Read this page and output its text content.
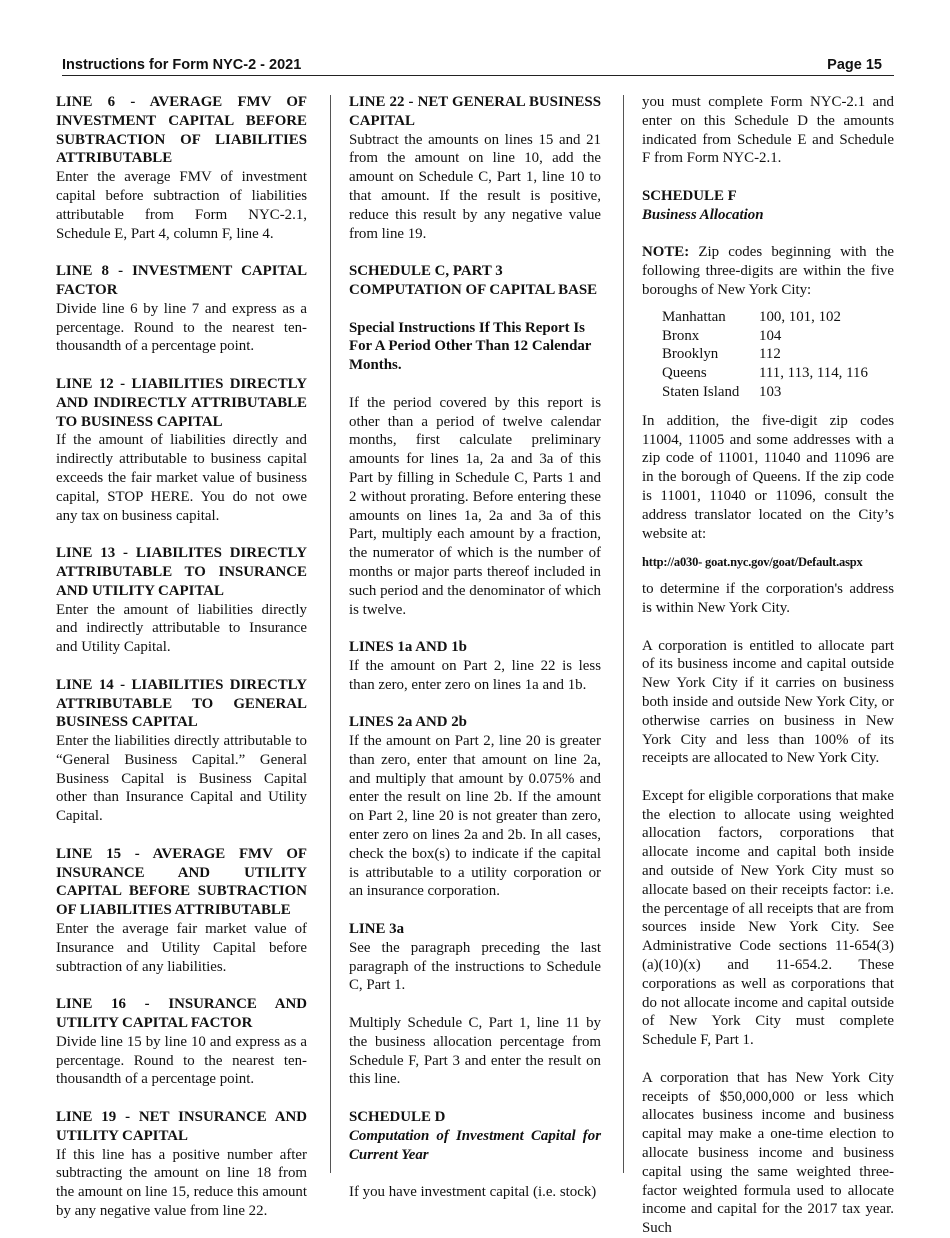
Instructions for Form NYC-2 - 2021	Page 15

LINE 6 - AVERAGE FMV OF INVESTMENT CAPITAL BEFORE SUBTRACTION OF LIABILITIES ATTRIBUTABLE

Enter the average FMV of investment capital before subtraction of liabilities attributable from Form NYC-2.1, Schedule E, Part 4, column F, line 4.

LINE 8 - INVESTMENT CAPITAL FACTOR

Divide line 6 by line 7 and express as a percentage. Round to the nearest ten-thousandth of a percentage point.

LINE 12 - LIABILITIES DIRECTLY AND INDIRECTLY ATTRIBUTABLE TO BUSINESS CAPITAL

If the amount of liabilities directly and indirectly attributable to business capital exceeds the fair market value of business capital, STOP HERE. You do not owe any tax on business capital.

LINE 13 - LIABILITES DIRECTLY ATTRIBUTABLE TO INSURANCE AND UTILITY CAPITAL

Enter the amount of liabilities directly and indirectly attributable to Insurance and Utility Capital.

LINE 14 - LIABILITIES DIRECTLY ATTRIBUTABLE TO GENERAL BUSINESS CAPITAL

Enter the liabilities directly attributable to “General Business Capital.” General Business Capital is Business Capital other than Insurance Capital and Utility Capital.

LINE 15 - AVERAGE FMV OF INSURANCE AND UTILITY CAPITAL BEFORE SUBTRACTION OF LIABILITIES ATTRIBUTABLE

Enter the average fair market value of Insurance and Utility Capital before subtraction of any liabilities.

LINE 16 - INSURANCE AND UTILITY CAPITAL FACTOR

Divide line 15 by line 10 and express as a percentage. Round to the nearest ten-thousandth of a percentage point.

LINE 19 - NET INSURANCE AND UTILITY CAPITAL

If this line has a positive number after subtracting the amount on line 18 from the amount on line 15, reduce this amount by any negative value from line 22.

LINE 22 - NET GENERAL BUSINESS CAPITAL

Subtract the amounts on lines 15 and 21 from the amount on line 10, add the amount on Schedule C, Part 1, line 10 to that amount. If the result is positive, reduce this result by any negative value from line 19.

SCHEDULE C, PART 3 COMPUTATION OF CAPITAL BASE

Special Instructions If This Report Is For A Period Other Than 12 Calendar Months.

If the period covered by this report is other than a period of twelve calendar months, first calculate preliminary amounts for lines 1a, 2a and 3a of this Part by filling in Schedule C, Parts 1 and 2 without prorating. Before entering these amounts on lines 1a, 2a and 3a of this Part, multiply each amount by a fraction, the numerator of which is the number of months or major parts thereof included in such period and the denominator of which is twelve.

LINES 1a AND 1b

If the amount on Part 2, line 22 is less than zero, enter zero on lines 1a and 1b.

LINES 2a AND 2b

If the amount on Part 2, line 20 is greater than zero, enter that amount on line 2a, and multiply that amount by 0.075% and enter the result on line 2b. If the amount on Part 2, line 20 is not greater than zero, enter zero on lines 2a and 2b. In all cases, check the box(s) to indicate if the capital is attributable to a utility corporation or an insurance corporation.

LINE 3a

See the paragraph preceding the last paragraph of the instructions to Schedule C, Part 1.

Multiply Schedule C, Part 1, line 11 by the business allocation percentage from Schedule F, Part 3 and enter the result on this line.

SCHEDULE D

Computation of Investment Capital for Current Year

If you have investment capital (i.e. stock)

you must complete Form NYC-2.1 and enter on this Schedule D the amounts indicated from Schedule E and Schedule F from Form NYC-2.1.

SCHEDULE F

Business Allocation

NOTE: Zip codes beginning with the following three-digits are within the five boroughs of New York City:

Manhattan	100, 101, 102
Bronx	104
Brooklyn	112
Queens	111, 113, 114, 116
Staten Island	103

In addition, the five-digit zip codes 11004, 11005 and some addresses with a zip code of 11001, 11040 and 11096 are in the borough of Queens. If the zip code is 11001, 11040 or 11096, consult the address translator located on the City’s website at:

http://a030- goat.nyc.gov/goat/Default.aspx

to determine if the corporation's address is within New York City.

A corporation is entitled to allocate part of its business income and capital outside New York City if it carries on business both inside and outside New York City, or otherwise carries on business in New York City and less than 100% of its receipts are allocated to New York City.

Except for eligible corporations that make the election to allocate using weighted allocation factors, corporations that allocate income and capital both inside and outside of New York City must so allocate based on their receipts factor: i.e. the percentage of all receipts that are from sources inside New York City. See Administrative Code sections 11-654(3)(a)(10)(x) and 11-654.2. These corporations as well as corporations that do not allocate income and capital outside of New York City must complete Schedule F, Part 1.

A corporation that has New York City receipts of $50,000,000 or less which allocates business income and business capital may make a one-time election to allocate business income and business capital using the same weighted three-factor weighted formula used to allocate income and capital for the 2017 tax year. Such
